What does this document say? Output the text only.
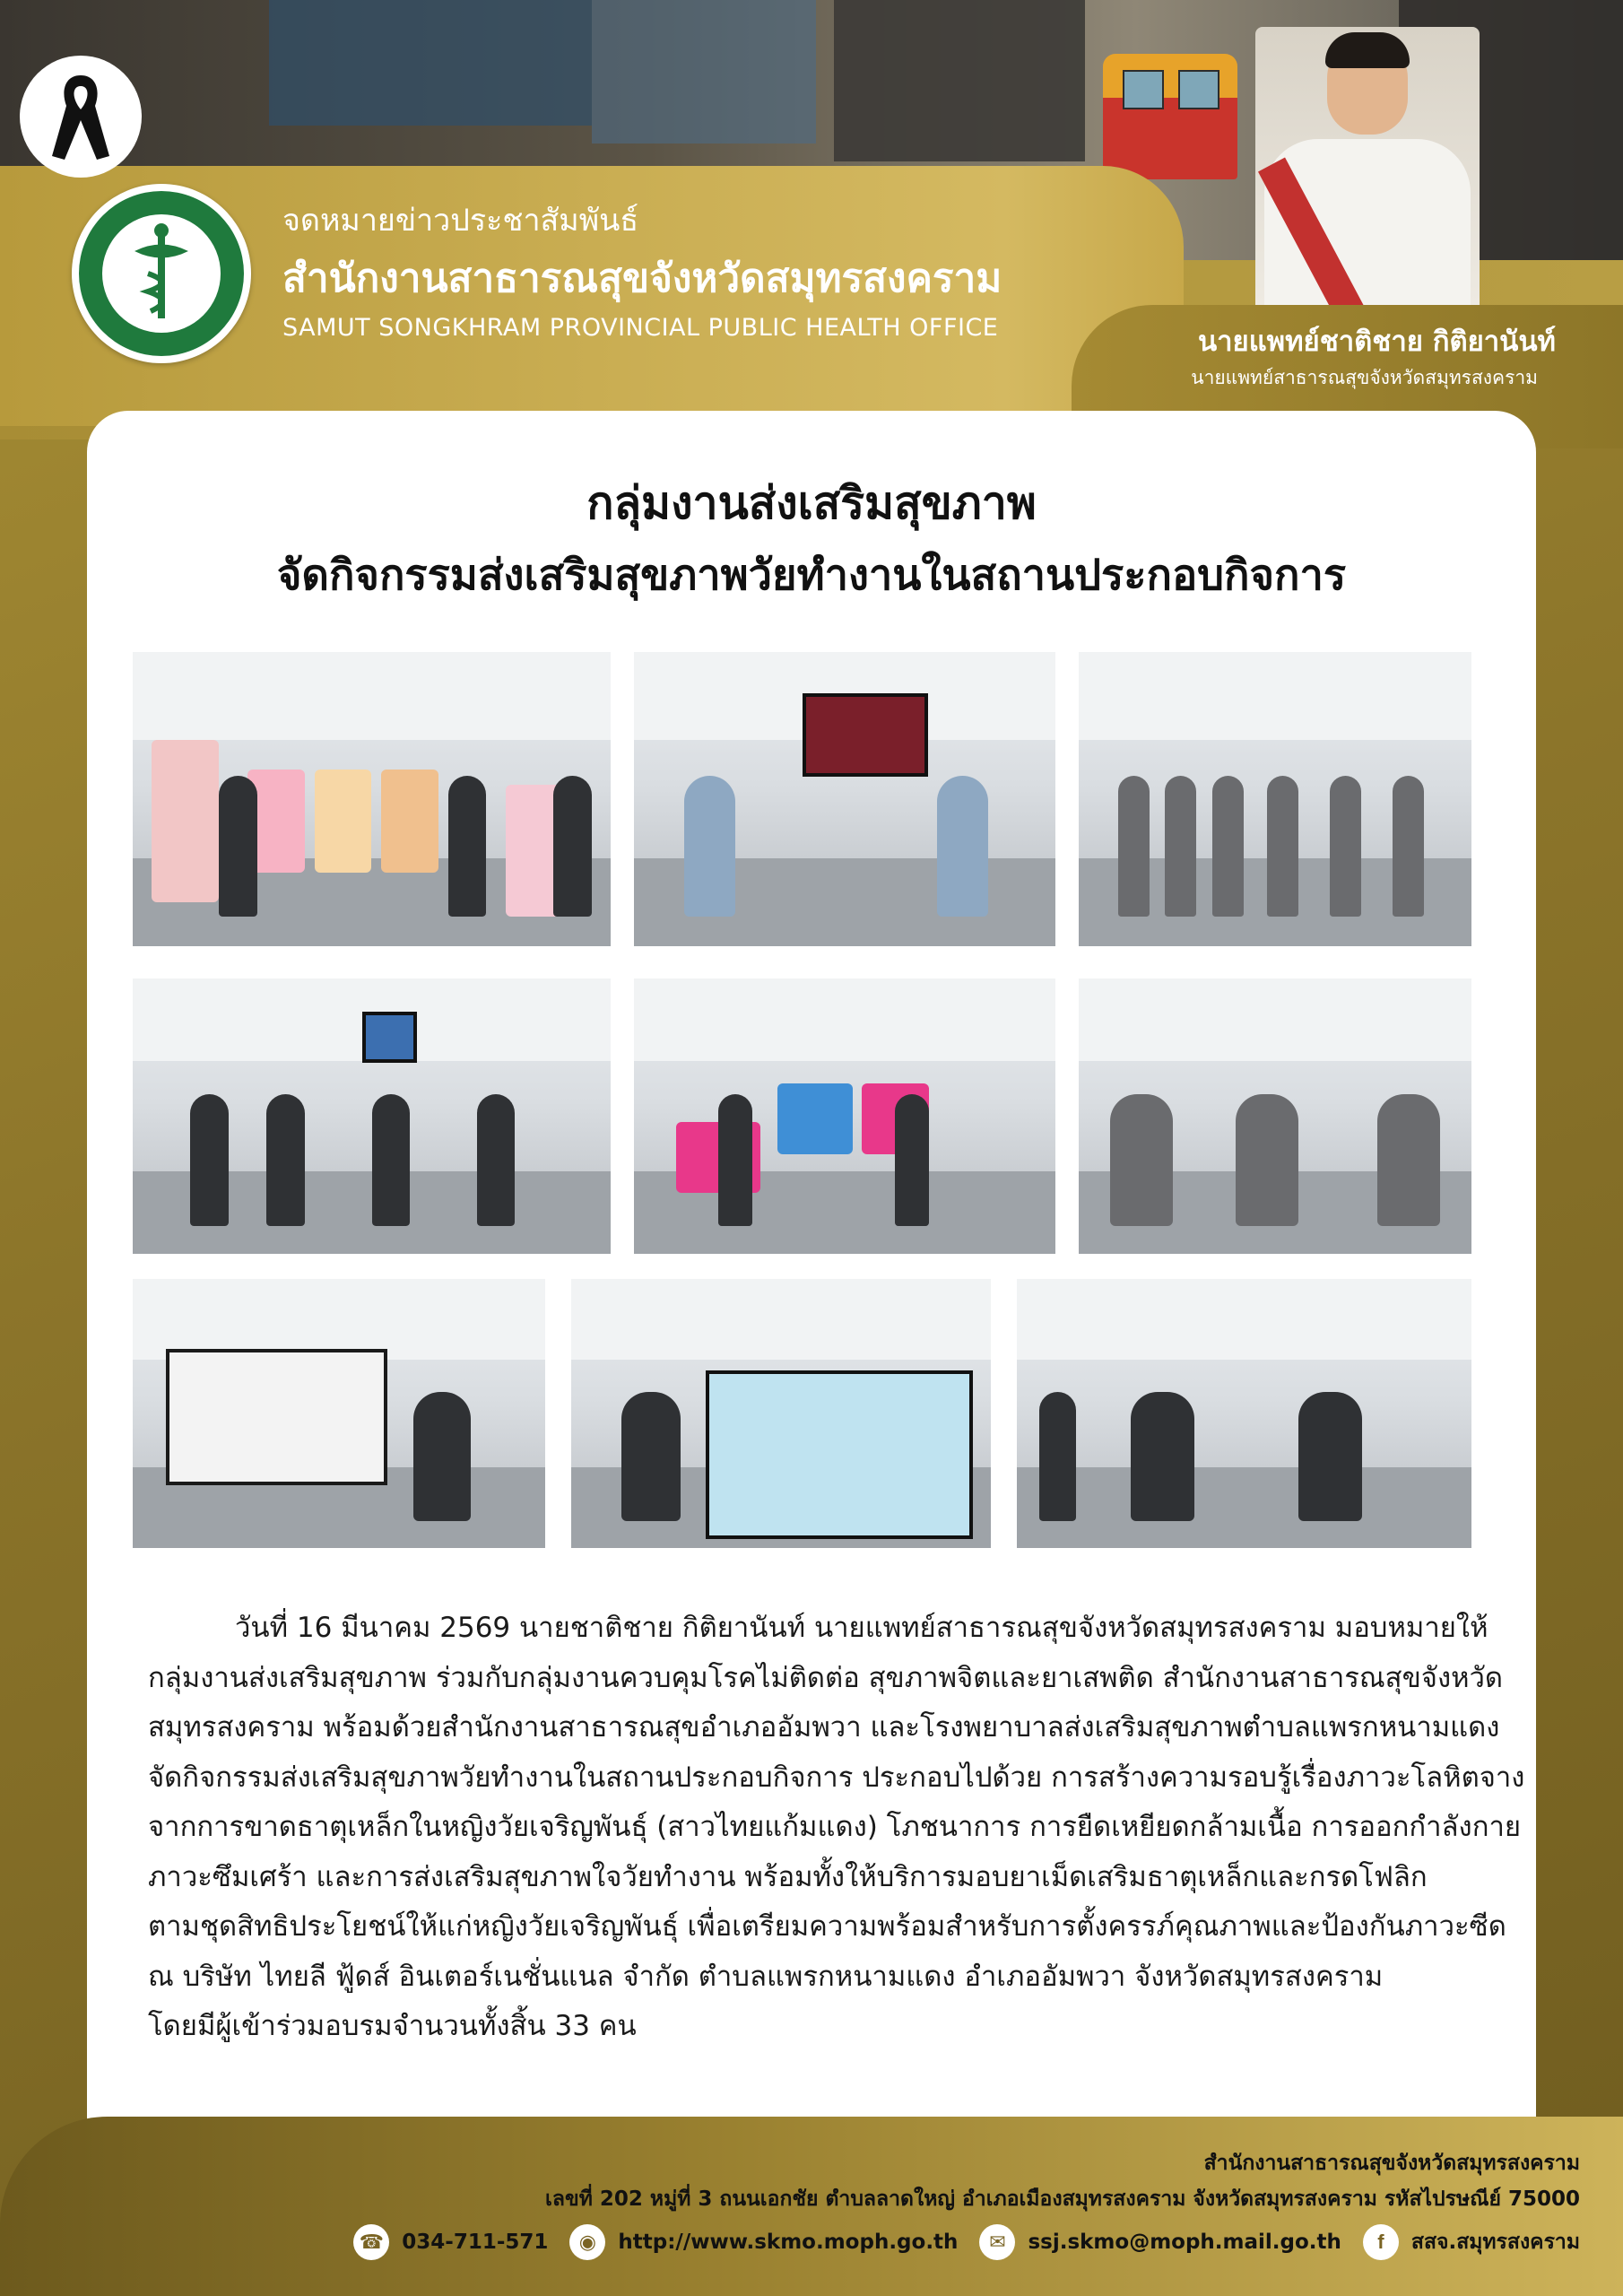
จดหมายข่าวประชาสัมพันธ์
สำนักงานสาธารณสุขจังหวัดสมุทรสงคราม
SAMUT SONGKHRAM PROVINCIAL PUBLIC HEALTH OFFICE	นายแพทย์ชาติชาย กิติยานันท์
นายแพทย์สาธารณสุขจังหวัดสมุทรสงคราม
กลุ่มงานส่งเสริมสุขภาพ
จัดกิจกรรมส่งเสริมสุขภาพวัยทำงานในสถานประกอบกิจการ
วันที่ 16 มีนาคม 2569 นายชาติชาย กิติยานันท์ นายแพทย์สาธารณสุขจังหวัดสมุทรสงคราม มอบหมายให้
กลุ่มงานส่งเสริมสุขภาพ ร่วมกับกลุ่มงานควบคุมโรคไม่ติดต่อ สุขภาพจิตและยาเสพติด สำนักงานสาธารณสุขจังหวัด
สมุทรสงคราม พร้อมด้วยสำนักงานสาธารณสุขอำเภออัมพวา และโรงพยาบาลส่งเสริมสุขภาพตำบลแพรกหนามแดง
จัดกิจกรรมส่งเสริมสุขภาพวัยทำงานในสถานประกอบกิจการ ประกอบไปด้วย การสร้างความรอบรู้เรื่องภาวะโลหิตจาง
จากการขาดธาตุเหล็กในหญิงวัยเจริญพันธุ์ (สาวไทยแก้มแดง) โภชนาการ การยืดเหยียดกล้ามเนื้อ การออกกำลังกาย
ภาวะซึมเศร้า และการส่งเสริมสุขภาพใจวัยทำงาน พร้อมทั้งให้บริการมอบยาเม็ดเสริมธาตุเหล็กและกรดโฟลิก
ตามชุดสิทธิประโยชน์ให้แก่หญิงวัยเจริญพันธุ์ เพื่อเตรียมความพร้อมสำหรับการตั้งครรภ์คุณภาพและป้องกันภาวะซีด
ณ บริษัท ไทยลี ฟู้ดส์ อินเตอร์เนชั่นแนล จำกัด ตำบลแพรกหนามแดง อำเภออัมพวา จังหวัดสมุทรสงคราม
โดยมีผู้เข้าร่วมอบรมจำนวนทั้งสิ้น 33 คน
สำนักงานสาธารณสุขจังหวัดสมุทรสงคราม
เลขที่ 202 หมู่ที่ 3 ถนนเอกชัย ตำบลลาดใหญ่ อำเภอเมืองสมุทรสงคราม จังหวัดสมุทรสงคราม รหัสไปรษณีย์ 75000
☎ 034-711-571	◉	http://www.skmo.moph.go.th	✉	ssj.skmo@moph.mail.go.th	f	สสจ.สมุทรสงคราม
